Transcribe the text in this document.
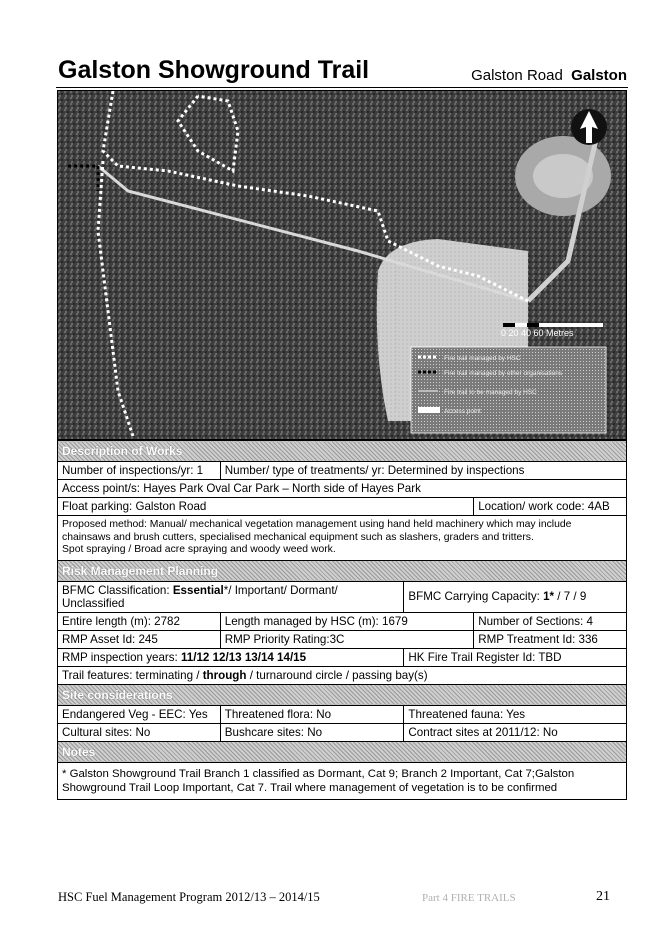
Galston Showground Trail	Galston Road Galston
0 20 40 60 Metres
Fire trail managed by HSC
Fire trail managed by other organisations
Fire trail to be managed by HSC
Access point
Description of Works			
Number of inspections/yr: 1	Number/ type of treatments/ yr: Determined by inspections		
Access point/s: Hayes Park Oval Car Park – North side of Hayes Park			
Float parking: Galston Road			Location/ work code: 4AB

Proposed method: Manual/ mechanical vegetation management using hand held machinery which may include chainsaws and brush cutters, specialised mechanical equipment such as slashers, graders and tritters.
Spot spraying / Broad acre spraying and woody weed work.			

Risk Management Planning			
BFMC Classification: Essential*/ Important/ Dormant/ Unclassified		BFMC Carrying Capacity: 1* / 7 / 9	
Entire length (m): 2782	Length managed by HSC (m): 1679		Number of Sections: 4
RMP Asset Id: 245	RMP Priority Rating:3C		RMP Treatment Id: 336
RMP inspection years: 11/12 12/13 13/14 14/15		HK Fire Trail Register Id: TBD	
Trail features: terminating / through / turnaround circle / passing bay(s)			
Site considerations			
Endangered Veg - EEC: Yes	Threatened flora: No	Threatened fauna: Yes	
Cultural sites: No	Bushcare sites: No	Contract sites at 2011/12: No	
Notes			
* Galston Showground Trail Branch 1 classified as Dormant, Cat 9; Branch 2 Important, Cat 7;Galston Showground Trail Loop Important, Cat 7. Trail where management of vegetation is to be confirmed			
HSC Fuel Management Program 2012/13 – 2014/15	Part 4 FIRE TRAILS	21
